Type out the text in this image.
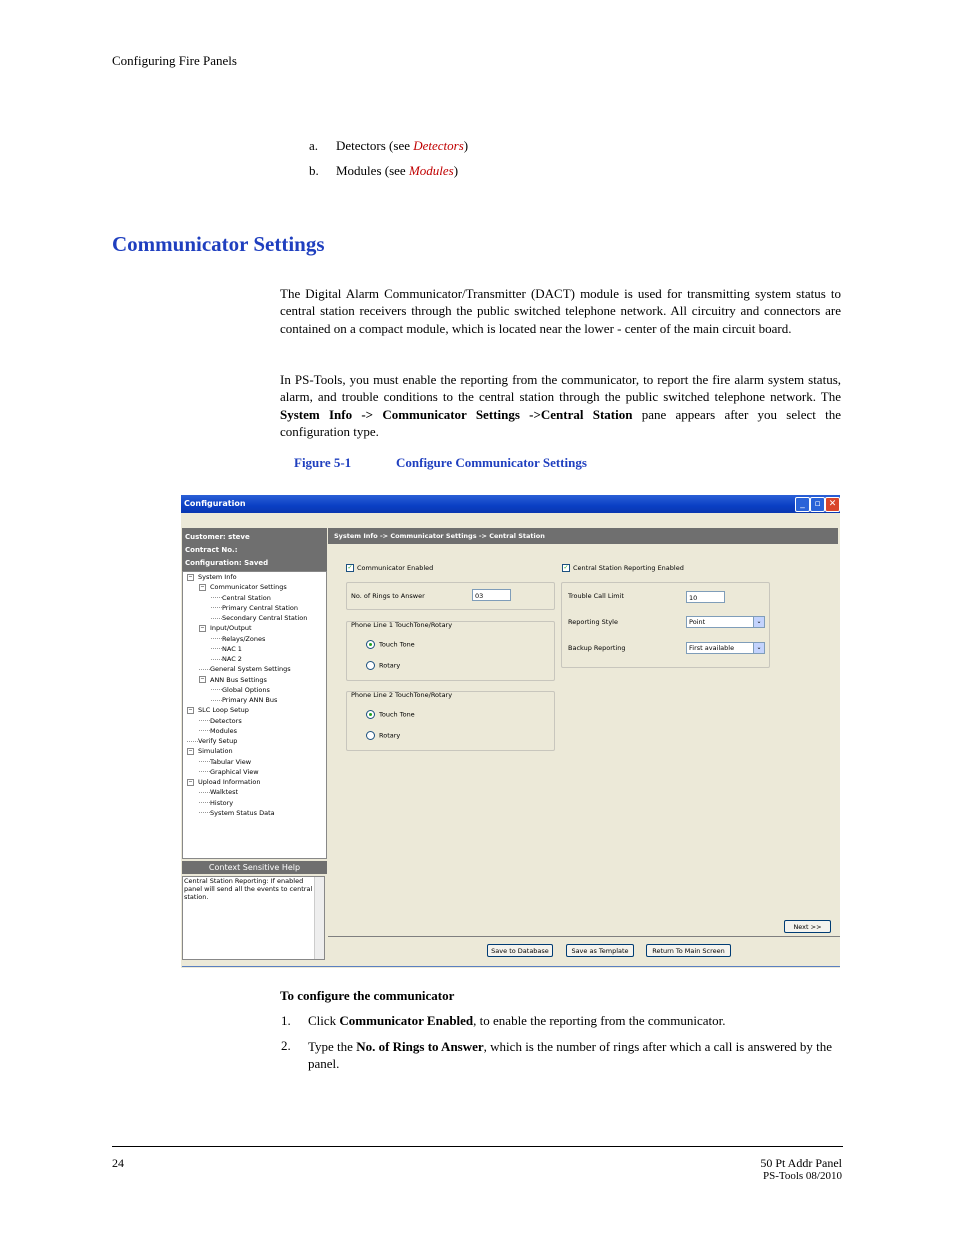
Configuring Fire Panels
a. Detectors (see Detectors)
b. Modules (see Modules)
Communicator Settings

The Digital Alarm Communicator/Transmitter (DACT) module is used for transmitting system status to central station receivers through the public switched telephone network. All circuitry and connectors are contained on a compact module, which is located near the lower - center of the main circuit board.

In PS-Tools, you must enable the reporting from the communicator, to report the fire alarm system status, alarm, and trouble conditions to the central station through the public switched telephone network. The System Info -> Communicator Settings ->Central Station pane appears after you select the configuration type.

Figure 5-1	Configure Communicator Settings
Configuration	_	▫ ✕
Customer: steve
Contract No.:
Configuration: Saved
− System Info
− Communicator Settings
Central Station
Primary Central Station
Secondary Central Station
− Input/Output
Relays/Zones
NAC 1
NAC 2
General System Settings
− ANN Bus Settings
Global Options
Primary ANN Bus
− SLC Loop Setup
Detectors
Modules
Verify Setup
− Simulation
Tabular View
Graphical View
− Upload Information
Walktest
History
System Status Data
Context Sensitive Help
Central Station Reporting: If enabled panel will send all the events to central station.
System Info -> Communicator Settings -> Central Station
✓ Communicator Enabled
No. of Rings to Answer	03
Phone Line 1 TouchTone/Rotary
Touch Tone
Rotary
Phone Line 2 TouchTone/Rotary
Touch Tone
Rotary
✓ Central Station Reporting Enabled
Trouble Call Limit	10
Reporting Style	Point	⌄
Backup Reporting	First available	⌄
Next >>
Save to Database	Save as Template	Return To Main Screen
To configure the communicator
1. Click Communicator Enabled, to enable the reporting from the communicator.
2. Type the No. of Rings to Answer, which is the number of rings after which a call is answered by the panel.
24	50 Pt Addr Panel
PS-Tools 08/2010
